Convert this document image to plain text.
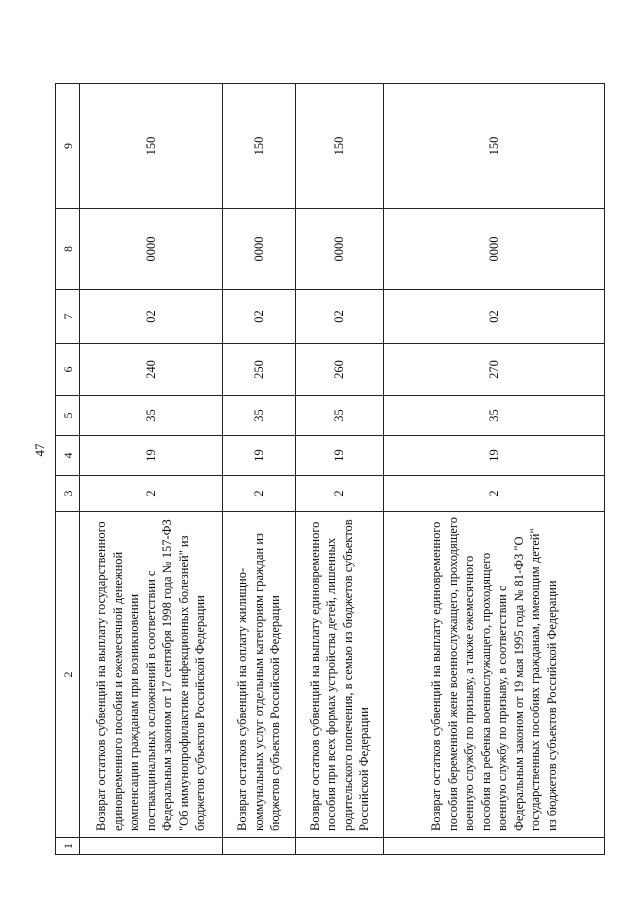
47
1	2	3	4	5	6	7	8	9
	Возврат остатков субвенций на выплату государственного единовременного пособия и ежемесячной денежной компенсации гражданам при возникновении поствакцинальных осложнений в соответствии с Федеральным законом от 17 сентября 1998 года № 157-ФЗ "Об иммунопрофилактике инфекционных болезней" из бюджетов субъектов Российской Федерации	2	19	35	240	02	0000	150
	Возврат остатков субвенций на оплату жилищно-коммунальных услуг отдельным категориям граждан из бюджетов субъектов Российской Федерации	2	19	35	250	02	0000	150
	Возврат остатков субвенций на выплату единовременного пособия при всех формах устройства детей, лишенных родительского попечения, в семью из бюджетов субъектов Российской Федерации	2	19	35	260	02	0000	150
	Возврат остатков субвенций на выплату единовременного пособия беременной жене военнослужащего, проходящего военную службу по призыву, а также ежемесячного пособия на ребенка военнослужащего, проходящего военную службу по призыву, в соответствии с Федеральным законом от 19 мая 1995 года № 81-ФЗ "О государственных пособиях гражданам, имеющим детей" из бюджетов субъектов Российской Федерации	2	19	35	270	02	0000	150
